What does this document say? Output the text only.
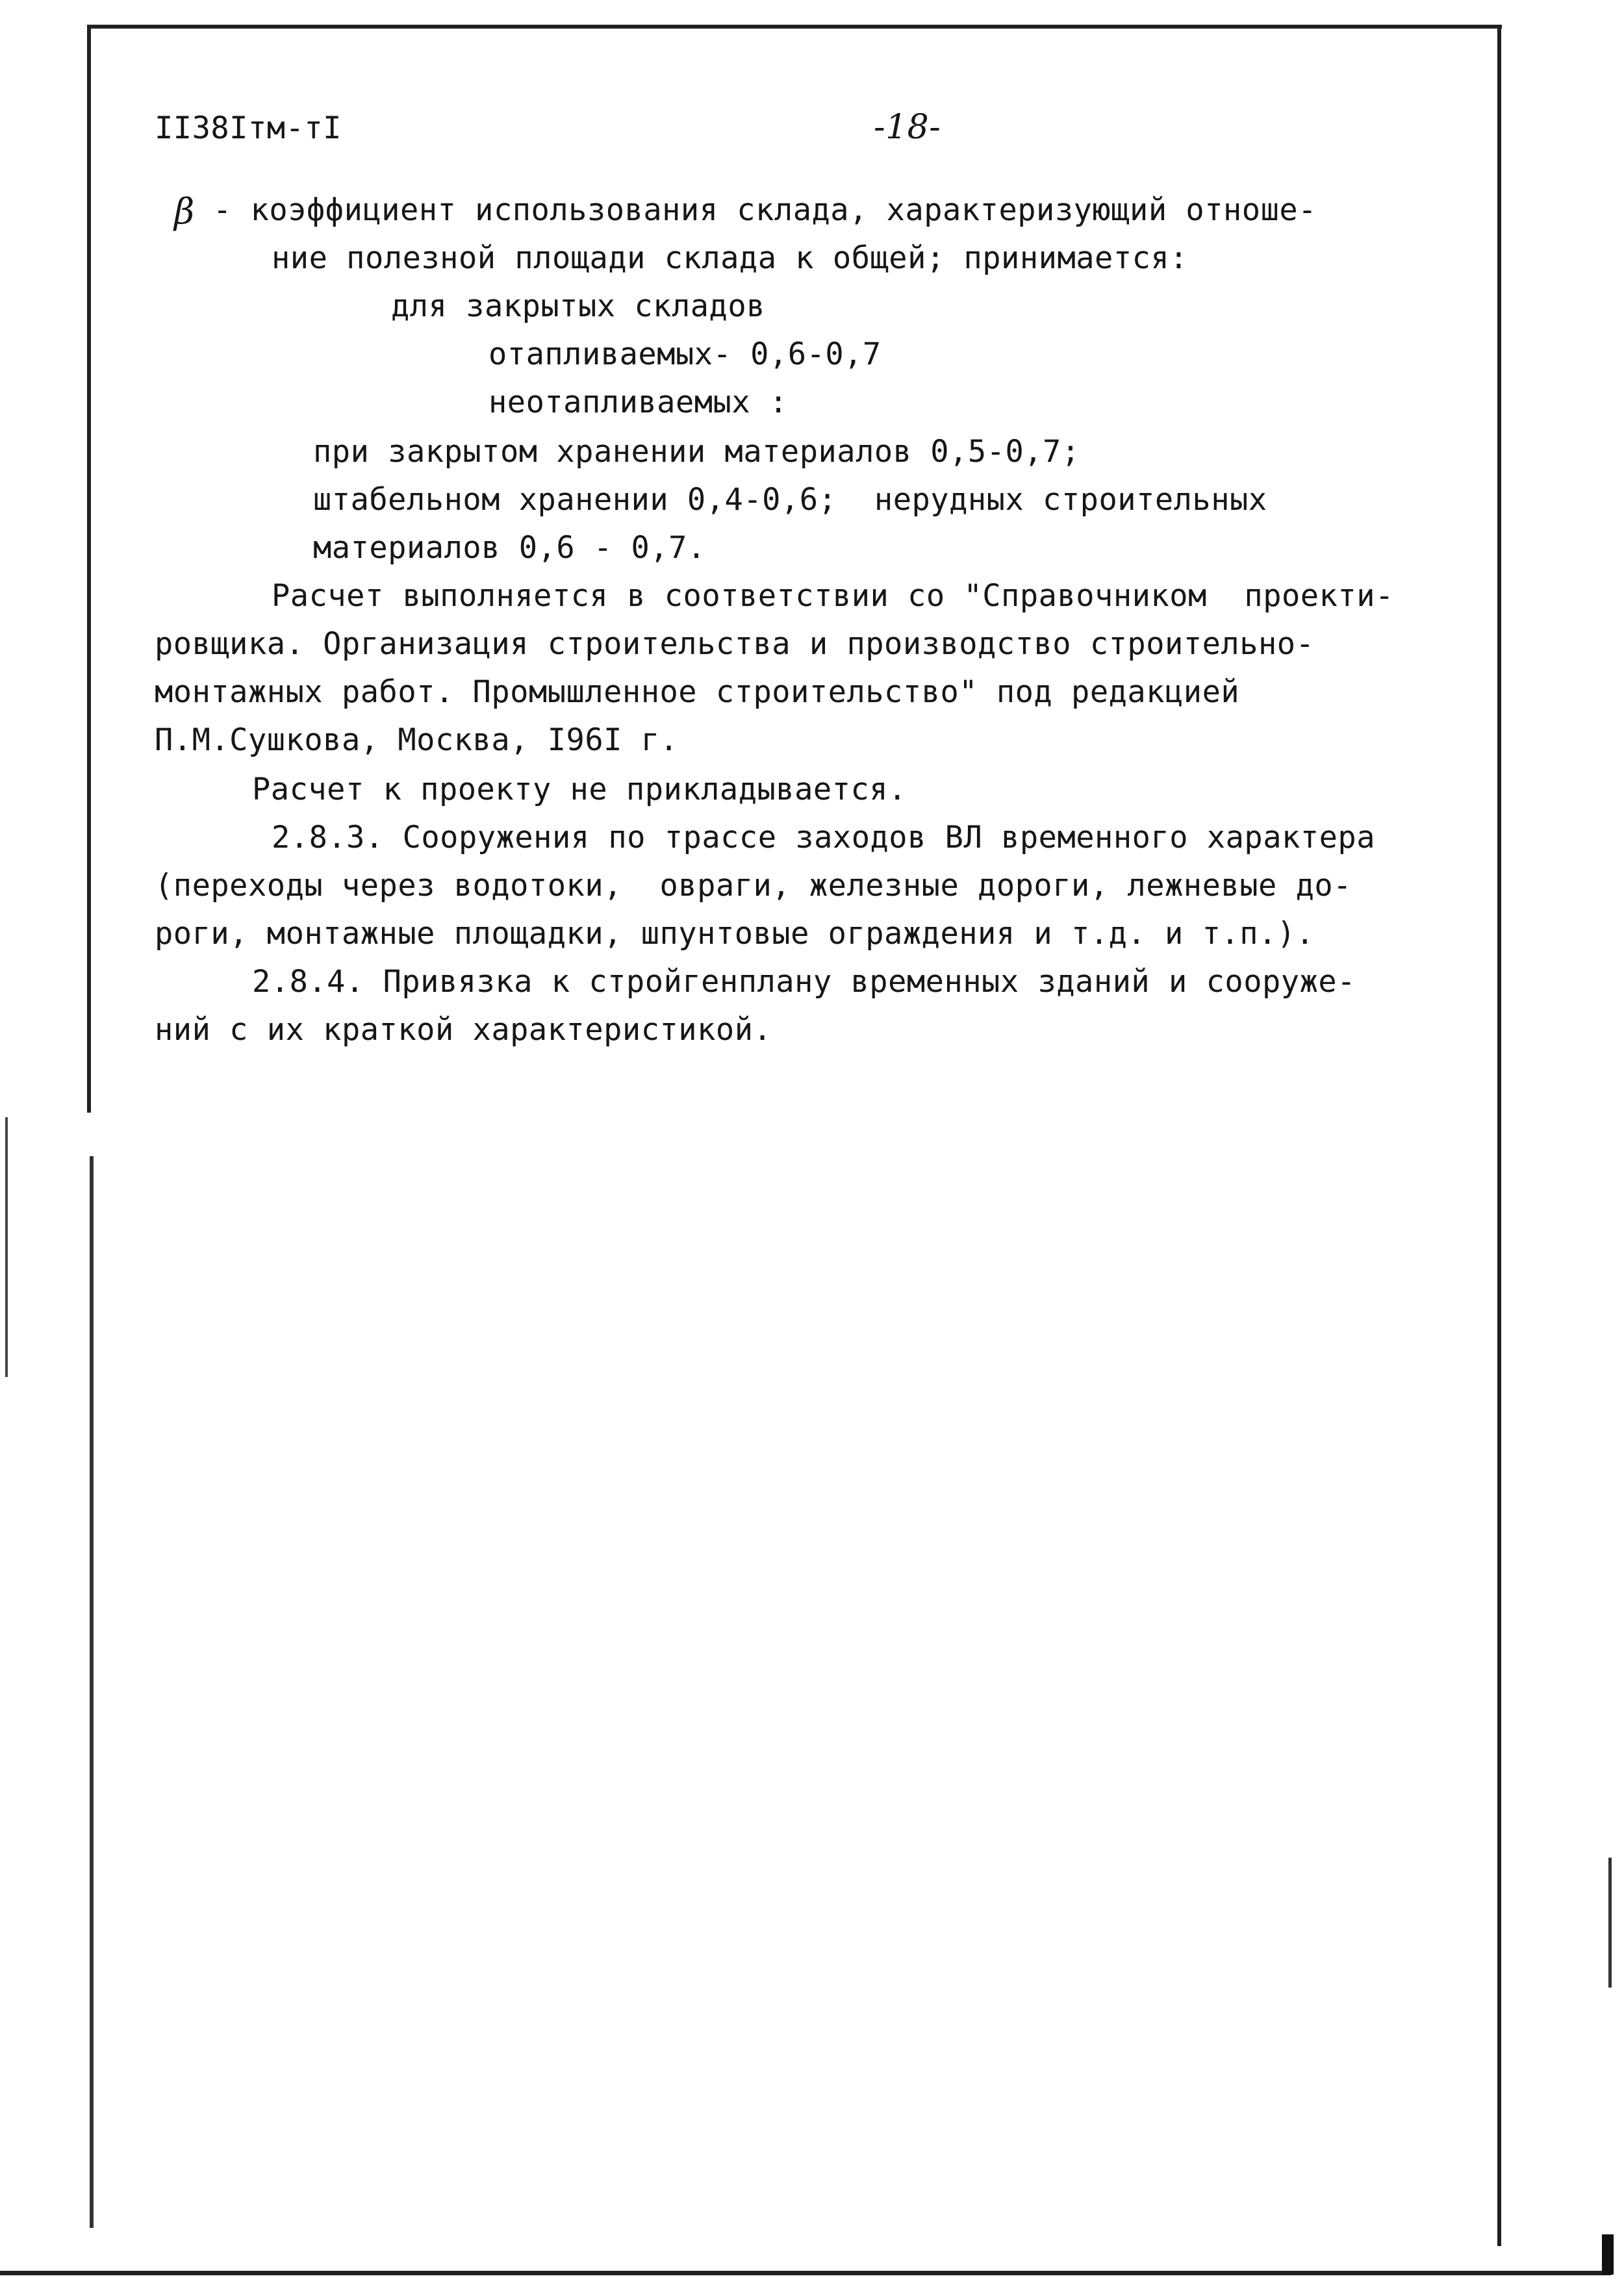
II38Iтм-тI	-18-
β - коэффициент использования склада, характеризующий отноше-
ние полезной площади склада к общей; принимается:
для закрытых складов
отапливаемых- 0,6-0,7
неотапливаемых :
при закрытом хранении материалов 0,5-0,7;
штабельном хранении 0,4-0,6;  нерудных строительных
материалов 0,6 - 0,7.
Расчет выполняется в соответствии со "Справочником  проекти-
ровщика. Организация строительства и производство строительно-
монтажных работ. Промышленное строительство" под редакцией
П.М.Сушкова, Москва, I96I г.
Расчет к проекту не прикладывается.
2.8.3. Сооружения по трассе заходов ВЛ временного характера
(переходы через водотоки,  овраги, железные дороги, лежневые до-
роги, монтажные площадки, шпунтовые ограждения и т.д. и т.п.).
2.8.4. Привязка к стройгенплану временных зданий и сооруже-
ний с их краткой характеристикой.
